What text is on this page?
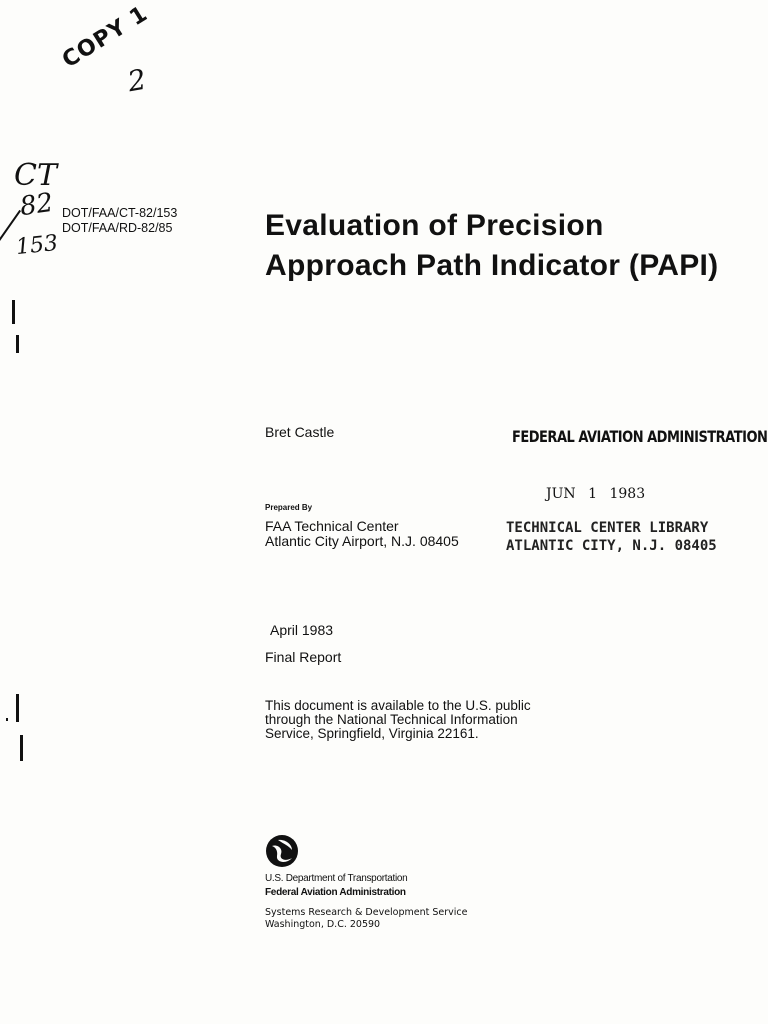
COPY 1
2
CT
82
153
DOT/FAA/CT-82/153
DOT/FAA/RD-82/85	Evaluation of Precision
Approach Path Indicator (PAPI)
Bret Castle
Prepared By
FAA Technical Center
Atlantic City Airport, N.J. 08405
April 1983
Final Report
This document is available to the U.S. public
through the National Technical Information
Service, Springfield, Virginia 22161.
FEDERAL AVIATION ADMINISTRATION
JUN 1 1983
TECHNICAL CENTER LIBRARY
ATLANTIC CITY, N.J. 08405
U.S. Department of Transportation
Federal Aviation Administration
Systems Research & Development Service
Washington, D.C. 20590
